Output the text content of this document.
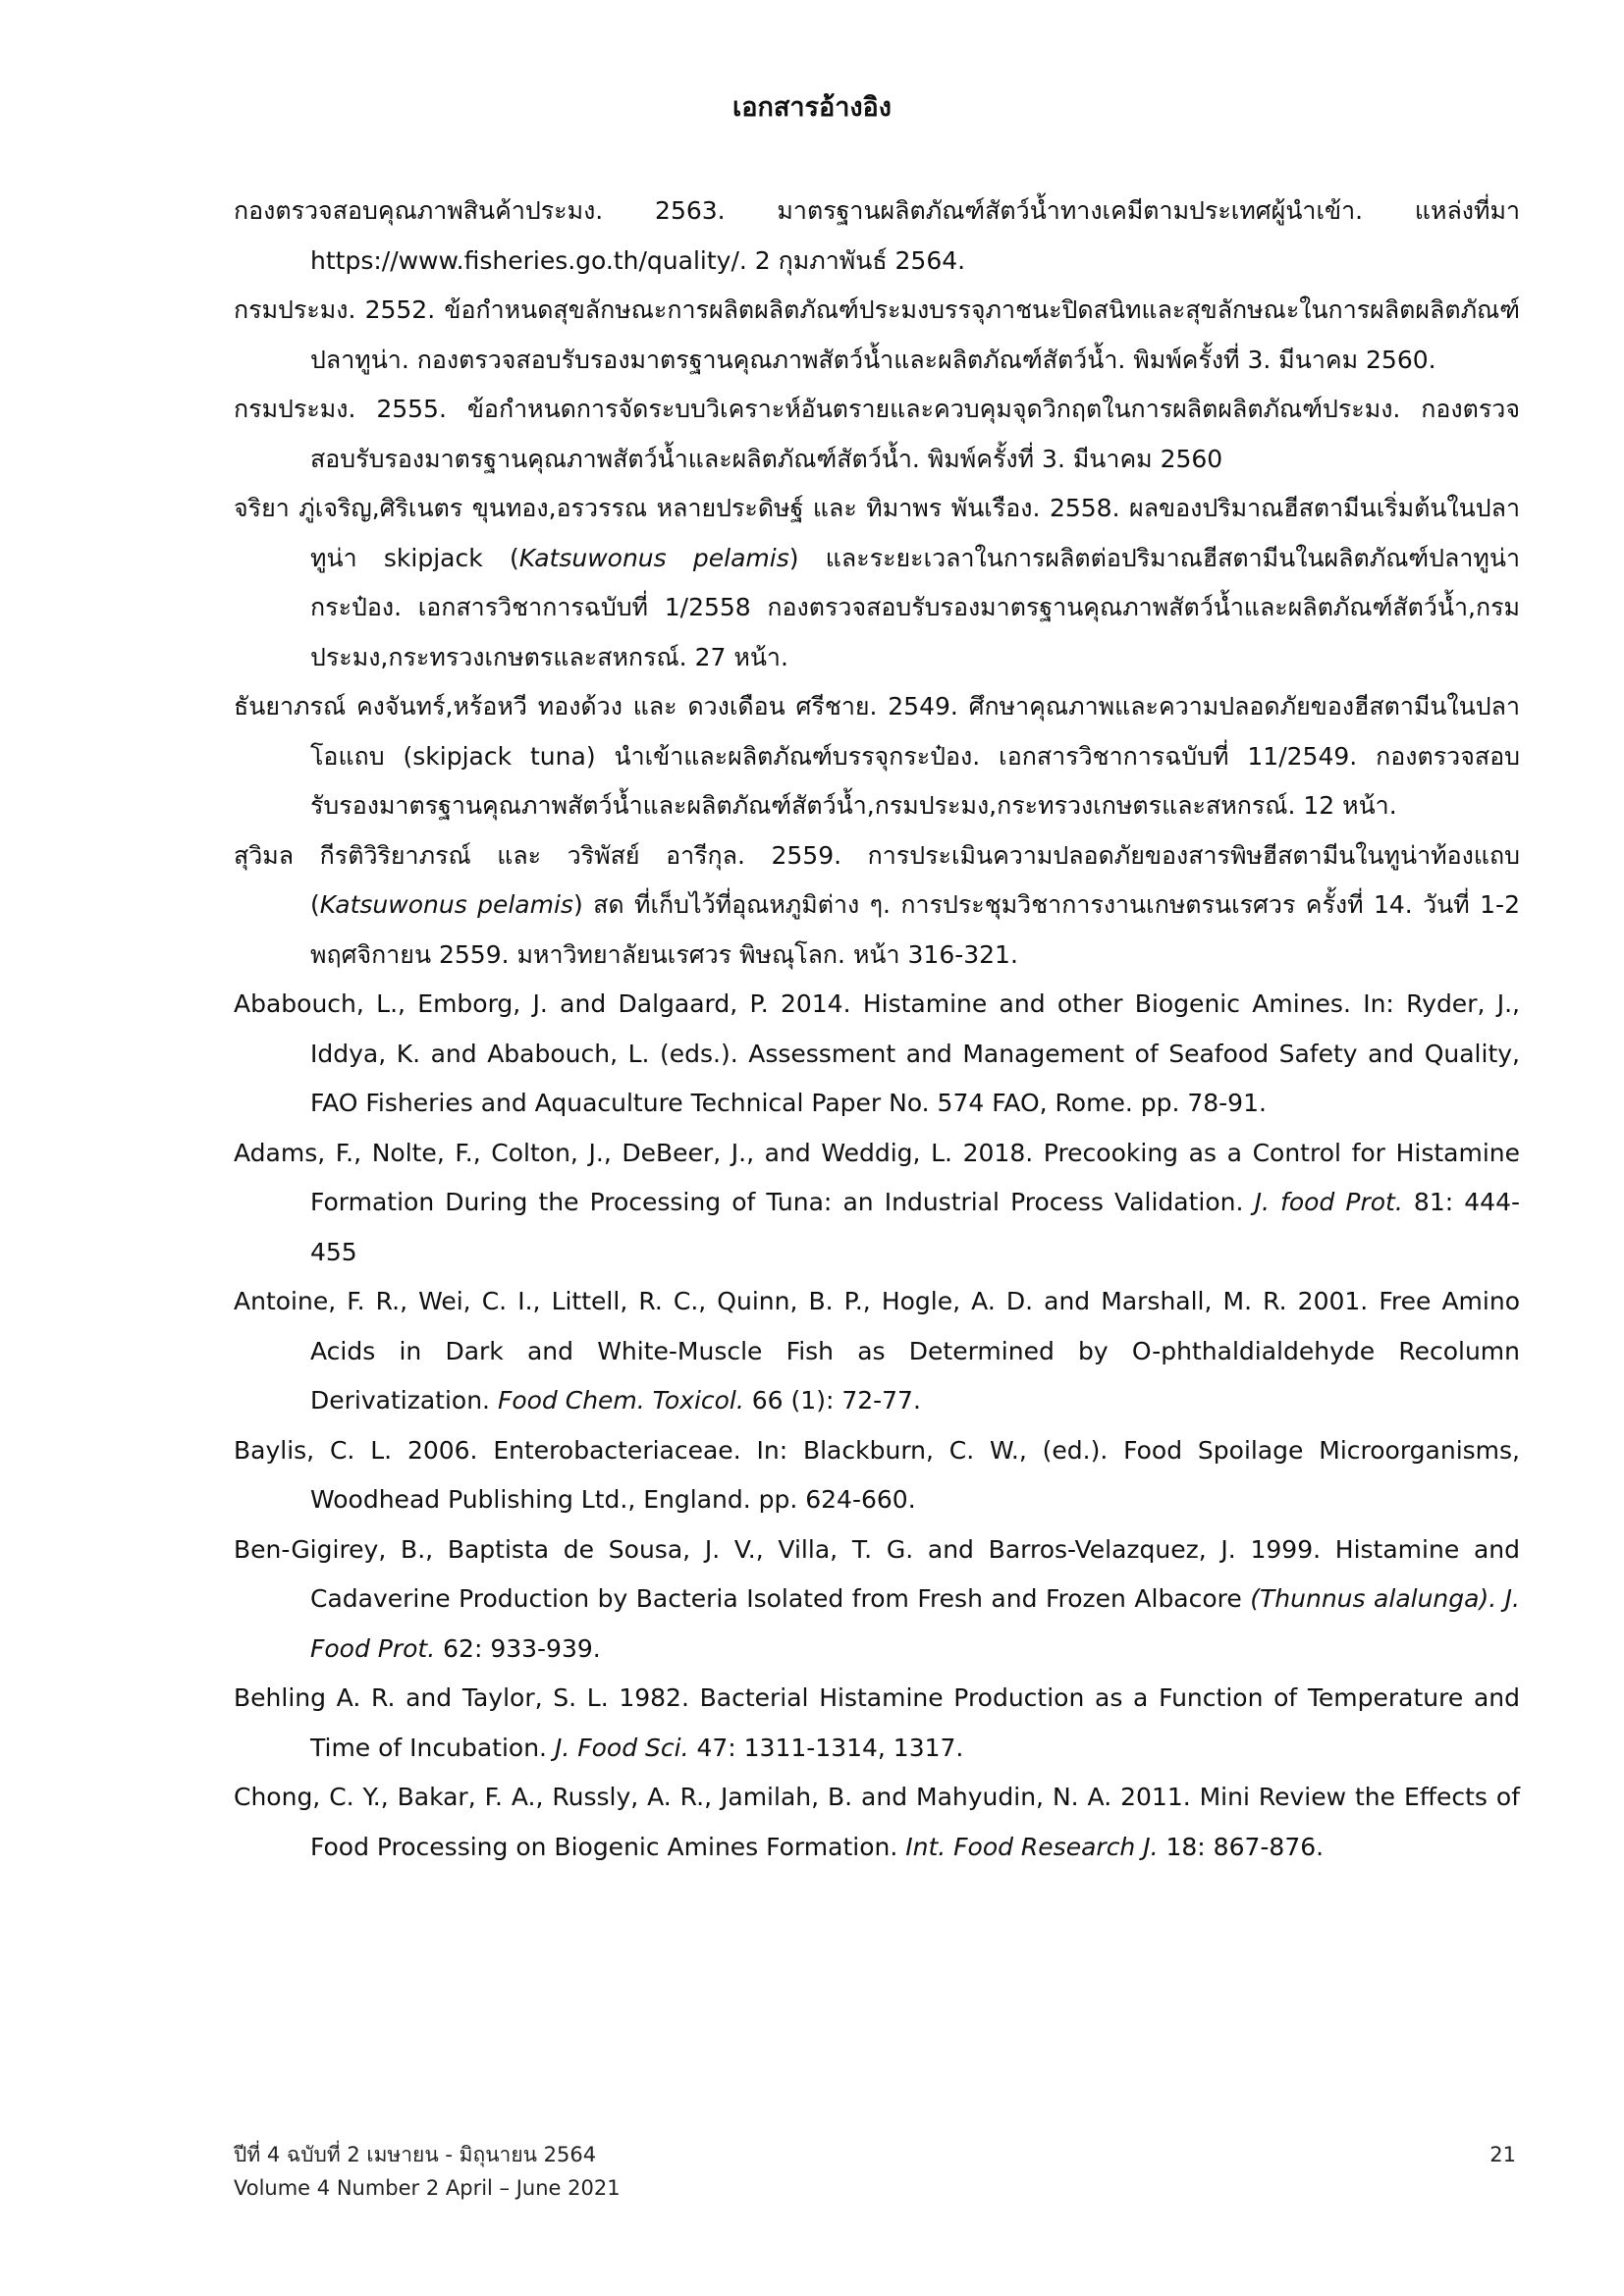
เอกสารอ้างอิง

กองตรวจสอบคุณภาพสินค้าประมง. 2563. มาตรฐานผลิตภัณฑ์สัตว์น้ำทางเคมีตามประเทศผู้นำเข้า. แหล่งที่มา https://www.fisheries.go.th/quality/. 2 กุมภาพันธ์ 2564.

กรมประมง. 2552. ข้อกำหนดสุขลักษณะการผลิตผลิตภัณฑ์ประมงบรรจุภาชนะปิดสนิทและสุขลักษณะในการผลิตผลิตภัณฑ์ปลาทูน่า. กองตรวจสอบรับรองมาตรฐานคุณภาพสัตว์น้ำและผลิตภัณฑ์สัตว์น้ำ. พิมพ์ครั้งที่ 3. มีนาคม 2560.

กรมประมง. 2555. ข้อกำหนดการจัดระบบวิเคราะห์อันตรายและควบคุมจุดวิกฤตในการผลิตผลิตภัณฑ์ประมง. กองตรวจสอบรับรองมาตรฐานคุณภาพสัตว์น้ำและผลิตภัณฑ์สัตว์น้ำ. พิมพ์ครั้งที่ 3. มีนาคม 2560

จริยา ภู่เจริญ,ศิริเนตร ขุนทอง,อรวรรณ หลายประดิษฐ์ และ ทิมาพร พันเรือง. 2558. ผลของปริมาณฮีสตามีนเริ่มต้นในปลาทูน่า skipjack (Katsuwonus pelamis) และระยะเวลาในการผลิตต่อปริมาณฮีสตามีนในผลิตภัณฑ์ปลาทูน่ากระป๋อง. เอกสารวิชาการฉบับที่ 1/2558 กองตรวจสอบรับรองมาตรฐานคุณภาพสัตว์น้ำและผลิตภัณฑ์สัตว์น้ำ,กรมประมง,กระทรวงเกษตรและสหกรณ์. 27 หน้า.

ธันยาภรณ์ คงจันทร์,หร้อหวี ทองด้วง และ ดวงเดือน ศรีชาย. 2549. ศึกษาคุณภาพและความปลอดภัยของฮีสตามีนในปลาโอแถบ (skipjack tuna) นำเข้าและผลิตภัณฑ์บรรจุกระป๋อง. เอกสารวิชาการฉบับที่ 11/2549. กองตรวจสอบรับรองมาตรฐานคุณภาพสัตว์น้ำและผลิตภัณฑ์สัตว์น้ำ,กรมประมง,กระทรวงเกษตรและสหกรณ์. 12 หน้า.

สุวิมล กีรติวิริยาภรณ์ และ วริพัสย์ อารีกุล. 2559. การประเมินความปลอดภัยของสารพิษฮีสตามีนในทูน่าท้องแถบ (Katsuwonus pelamis) สด ที่เก็บไว้ที่อุณหภูมิต่าง ๆ. การประชุมวิชาการงานเกษตรนเรศวร ครั้งที่ 14. วันที่ 1-2 พฤศจิกายน 2559. มหาวิทยาลัยนเรศวร พิษณุโลก. หน้า 316-321.

Ababouch, L., Emborg, J. and Dalgaard, P. 2014. Histamine and other Biogenic Amines. In: Ryder, J., Iddya, K. and Ababouch, L. (eds.). Assessment and Management of Seafood Safety and Quality, FAO Fisheries and Aquaculture Technical Paper No. 574 FAO, Rome. pp. 78-91.

Adams, F., Nolte, F., Colton, J., DeBeer, J., and Weddig, L. 2018. Precooking as a Control for Histamine Formation During the Processing of Tuna: an Industrial Process Validation. J. food Prot. 81: 444-455

Antoine, F. R., Wei, C. I., Littell, R. C., Quinn, B. P., Hogle, A. D. and Marshall, M. R. 2001. Free Amino Acids in Dark and White-Muscle Fish as Determined by O-phthaldialdehyde Recolumn Derivatization. Food Chem. Toxicol. 66 (1): 72-77.

Baylis, C. L. 2006. Enterobacteriaceae. In: Blackburn, C. W., (ed.). Food Spoilage Microorganisms, Woodhead Publishing Ltd., England. pp. 624-660.

Ben-Gigirey, B., Baptista de Sousa, J. V., Villa, T. G. and Barros-Velazquez, J. 1999. Histamine and Cadaverine Production by Bacteria Isolated from Fresh and Frozen Albacore (Thunnus alalunga). J. Food Prot. 62: 933-939.

Behling A. R. and Taylor, S. L. 1982. Bacterial Histamine Production as a Function of Temperature and Time of Incubation. J. Food Sci. 47: 1311-1314, 1317.

Chong, C. Y., Bakar, F. A., Russly, A. R., Jamilah, B. and Mahyudin, N. A. 2011. Mini Review the Effects of Food Processing on Biogenic Amines Formation. Int. Food Research J. 18: 867-876.

ปีที่ 4 ฉบับที่ 2 เมษายน - มิถุนายน 2564
Volume 4 Number 2 April – June 2021
21
